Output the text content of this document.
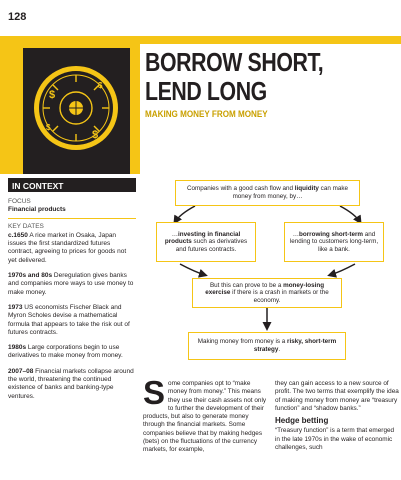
128
$
$
$
$
BORROW SHORT,
LEND LONG
MAKING MONEY FROM MONEY
IN CONTEXT
FOCUS
Financial products
KEY DATES
c.1650 A rice market in Osaka, Japan issues the first standardized futures contract, agreeing to prices for goods not yet delivered.
1970s and 80s Deregulation gives banks and companies more ways to use money to make money.
1973 US economists Fischer Black and Myron Scholes devise a mathematical formula that appears to take the risk out of futures contracts.
1980s Large corporations begin to use derivatives to make money from money.
2007–08 Financial markets collapse around the world, threatening the continued existence of banks and banking-type ventures.
Companies with a good cash flow and liquidity can make money from money, by…
…investing in financial products such as derivatives and futures contracts.
…borrowing short-term and lending to customers long-term, like a bank.
But this can prove to be a money-losing exercise if there is a crash in markets or the economy.
Making money from money is a risky, short-term strategy.
Some companies opt to “make money from money.” This means they use their cash assets not only to further the development of their products, but also to generate money through the financial markets. Some companies believe that by making hedges (bets) on the fluctuations of the currency markets, for example,
they can gain access to a new source of profit. The two terms that exemplify the idea of making money from money are “treasury function” and “shadow banks.”
Hedge betting
“Treasury function” is a term that emerged in the late 1970s in the wake of economic challenges, such
